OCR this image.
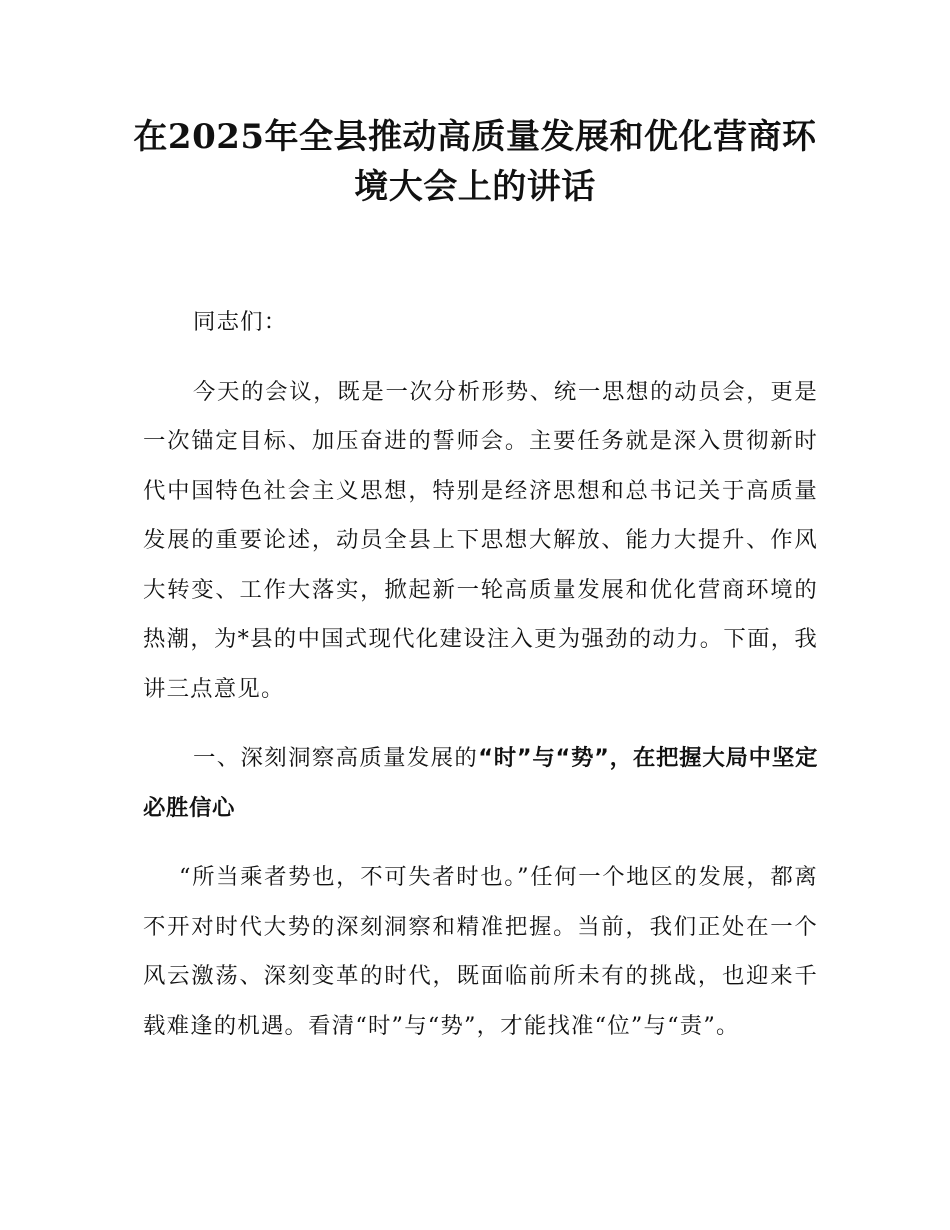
在2025年全县推动高质量发展和优化营商环境大会上的讲话

同志们：

今天的会议，既是一次分析形势、统一思想的动员会，更是一次锚定目标、加压奋进的誓师会。主要任务就是深入贯彻新时代中国特色社会主义思想，特别是经济思想和总书记关于高质量发展的重要论述，动员全县上下思想大解放、能力大提升、作风大转变、工作大落实，掀起新一轮高质量发展和优化营商环境的热潮，为*县的中国式现代化建设注入更为强劲的动力。下面，我讲三点意见。

一、深刻洞察高质量发展的“时”与“势”，在把握大局中坚定必胜信心

“所当乘者势也，不可失者时也。”任何一个地区的发展，都离不开对时代大势的深刻洞察和精准把握。当前，我们正处在一个风云激荡、深刻变革的时代，既面临前所未有的挑战，也迎来千载难逢的机遇。看清“时”与“势”，才能找准“位”与“责”。
